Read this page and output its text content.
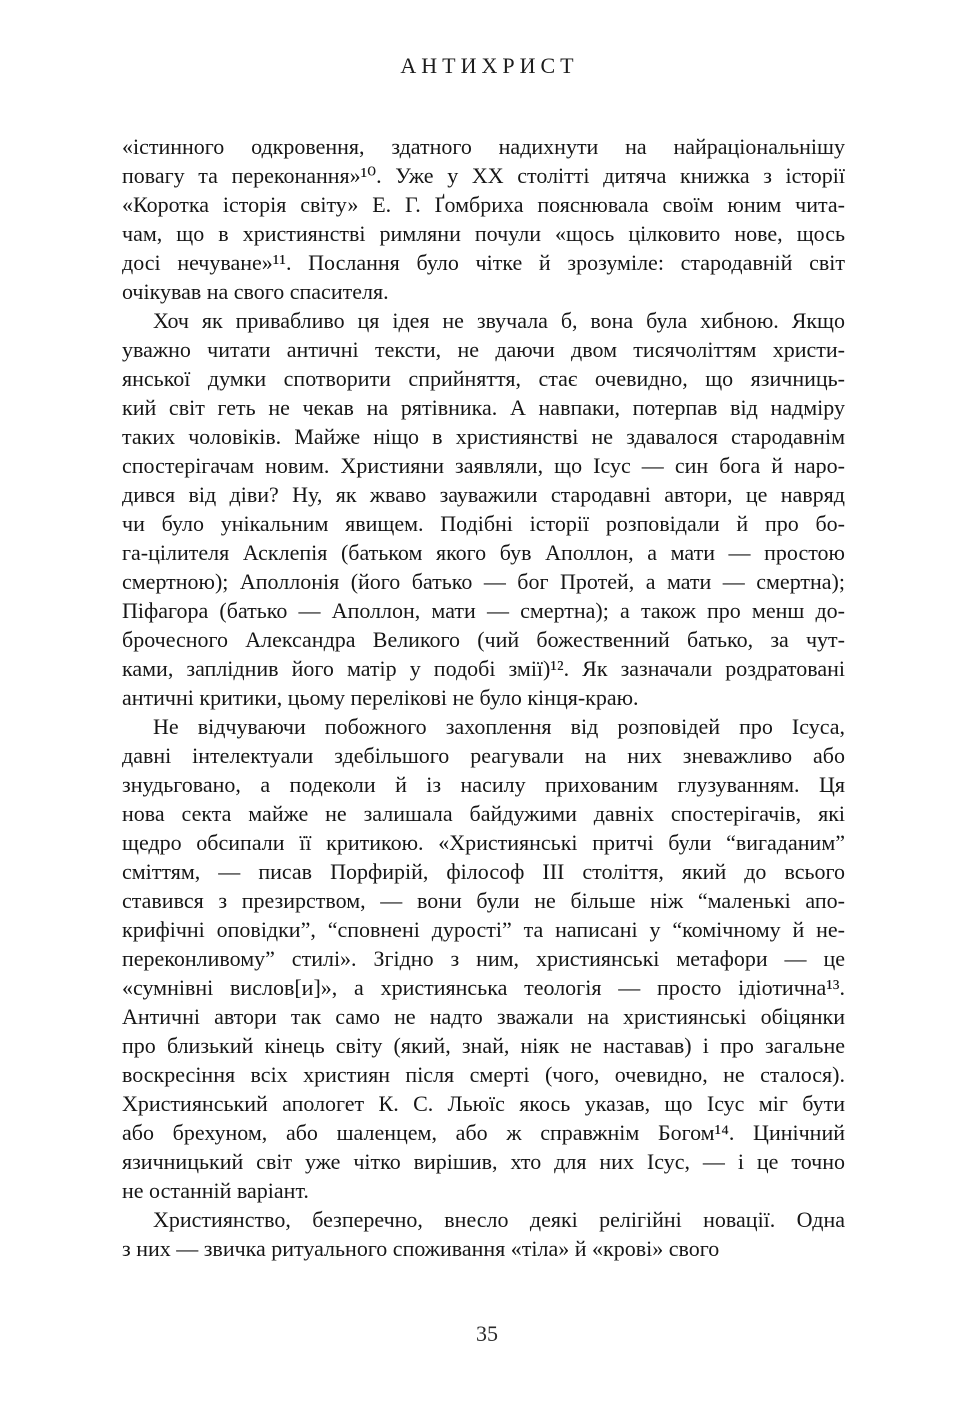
АНТИХРИСТ
«істинного одкровення, здатного надихнути на найраціональнішу
повагу та переконання»¹⁰. Уже у XX столітті дитяча книжка з історії
«Коротка історія світу» Е. Г. Ґомбриха пояснювала своїм юним чита-
чам, що в християнстві римляни почули «щось цілковито нове, щось
досі нечуване»¹¹. Послання було чітке й зрозуміле: стародавній світ
очікував на свого спасителя.
Хоч як привабливо ця ідея не звучала б, вона була хибною. Якщо
уважно читати античні тексти, не даючи двом тисячоліттям христи-
янської думки спотворити сприйняття, стає очевидно, що язичниць-
кий світ геть не чекав на рятівника. А навпаки, потерпав від надміру
таких чоловіків. Майже ніщо в християнстві не здавалося стародавнім
спостерігачам новим. Християни заявляли, що Ісус — син бога й наро-
дився від діви? Ну, як жваво зауважили стародавні автори, це навряд
чи було унікальним явищем. Подібні історії розповідали й про бо-
га-цілителя Асклепія (батьком якого був Аполлон, а мати — простою
смертною); Аполлонія (його батько — бог Протей, а мати — смертна);
Піфагора (батько — Аполлон, мати — смертна); а також про менш до-
брочесного Александра Великого (чий божественний батько, за чут-
ками, запліднив його матір у подобі змії)¹². Як зазначали роздратовані
античні критики, цьому перелікові не було кінця-краю.
Не відчуваючи побожного захоплення від розповідей про Ісуса,
давні інтелектуали здебільшого реагували на них зневажливо або
знудьговано, а подеколи й із насилу прихованим глузуванням. Ця
нова секта майже не залишала байдужими давніх спостерігачів, які
щедро обсипали її критикою. «Християнські притчі були “вигаданим”
сміттям, — писав Порфирій, філософ III століття, який до всього
ставився з презирством, — вони були не більше ніж “маленькі апо-
крифічні оповідки”, “сповнені дурості” та написані у “комічному й не-
переконливому” стилі». Згідно з ним, християнські метафори — це
«сумнівні вислов[и]», а християнська теологія — просто ідіотична¹³.
Античні автори так само не надто зважали на християнські обіцянки
про близький кінець світу (який, знай, ніяк не наставав) і про загальне
воскресіння всіх християн після смерті (чого, очевидно, не сталося).
Християнський апологет К. С. Льюїс якось указав, що Ісус міг бути
або брехуном, або шаленцем, або ж справжнім Богом¹⁴. Цинічний
язичницький світ уже чітко вирішив, хто для них Ісус, — і це точно
не останній варіант.
Християнство, безперечно, внесло деякі релігійні новації. Одна
з них — звичка ритуального споживання «тіла» й «крові» свого
35
